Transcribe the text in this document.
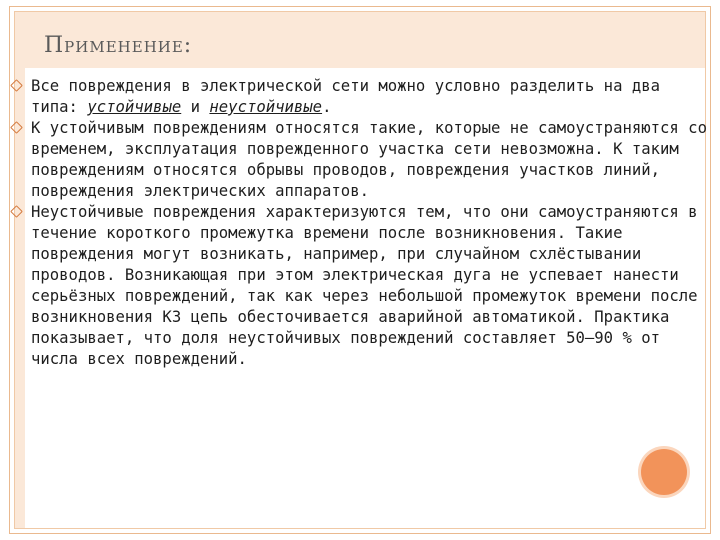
Применение:

Все повреждения в электрической сети можно условно разделить на два типа: устойчивые и неустойчивые.

К устойчивым повреждениям относятся такие, которые не самоустраняются со временем, эксплуатация поврежденного участка сети невозможна. К таким повреждениям относятся обрывы проводов, повреждения участков линий, повреждения электрических аппаратов.

Неустойчивые повреждения характеризуются тем, что они самоустраняются в течение короткого промежутка времени после возникновения. Такие повреждения могут возникать, например, при случайном схлёстывании проводов. Возникающая при этом электрическая дуга не успевает нанести серьёзных повреждений, так как через небольшой промежуток времени после возникновения КЗ цепь обесточивается аварийной автоматикой. Практика показывает, что доля неустойчивых повреждений составляет 50—90 % от числа всех повреждений.
